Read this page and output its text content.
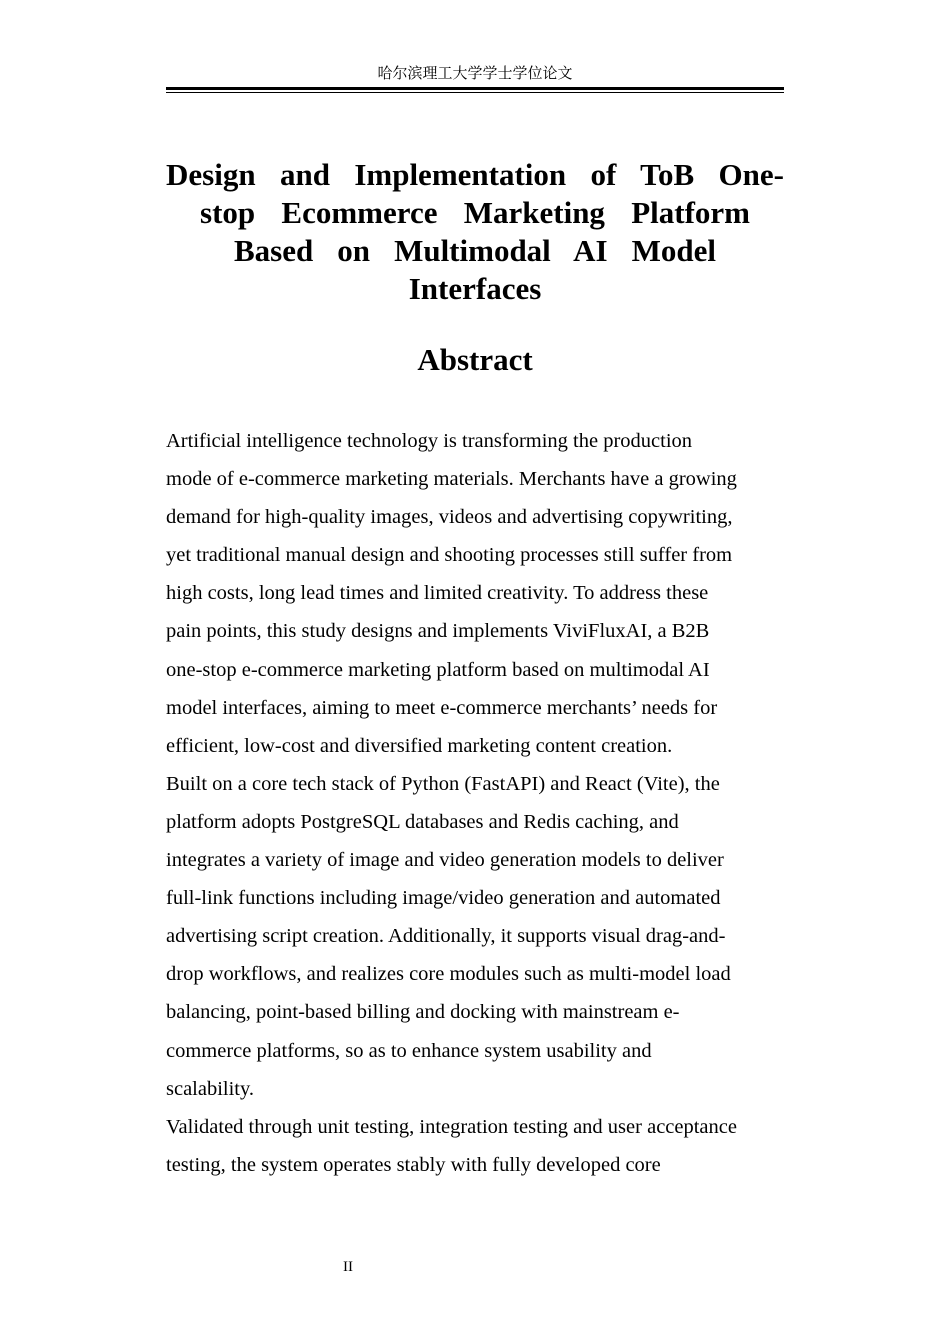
哈尔滨理工大学学士学位论文
Design and Implementation of ToB One-
stop Ecommerce Marketing Platform
Based on Multimodal AI Model
Interfaces
Abstract

Artificial intelligence technology is transforming the production
mode of e-commerce marketing materials. Merchants have a growing
demand for high-quality images, videos and advertising copywriting,
yet traditional manual design and shooting processes still suffer from
high costs, long lead times and limited creativity. To address these
pain points, this study designs and implements ViviFluxAI, a B2B
one-stop e-commerce marketing platform based on multimodal AI
model interfaces, aiming to meet e-commerce merchants’ needs for
efficient, low-cost and diversified marketing content creation.

Built on a core tech stack of Python (FastAPI) and React (Vite), the
platform adopts PostgreSQL databases and Redis caching, and
integrates a variety of image and video generation models to deliver
full-link functions including image/video generation and automated
advertising script creation. Additionally, it supports visual drag-and-
drop workflows, and realizes core modules such as multi-model load
balancing, point-based billing and docking with mainstream e-
commerce platforms, so as to enhance system usability and
scalability.

Validated through unit testing, integration testing and user acceptance
testing, the system operates stably with fully developed core

II
